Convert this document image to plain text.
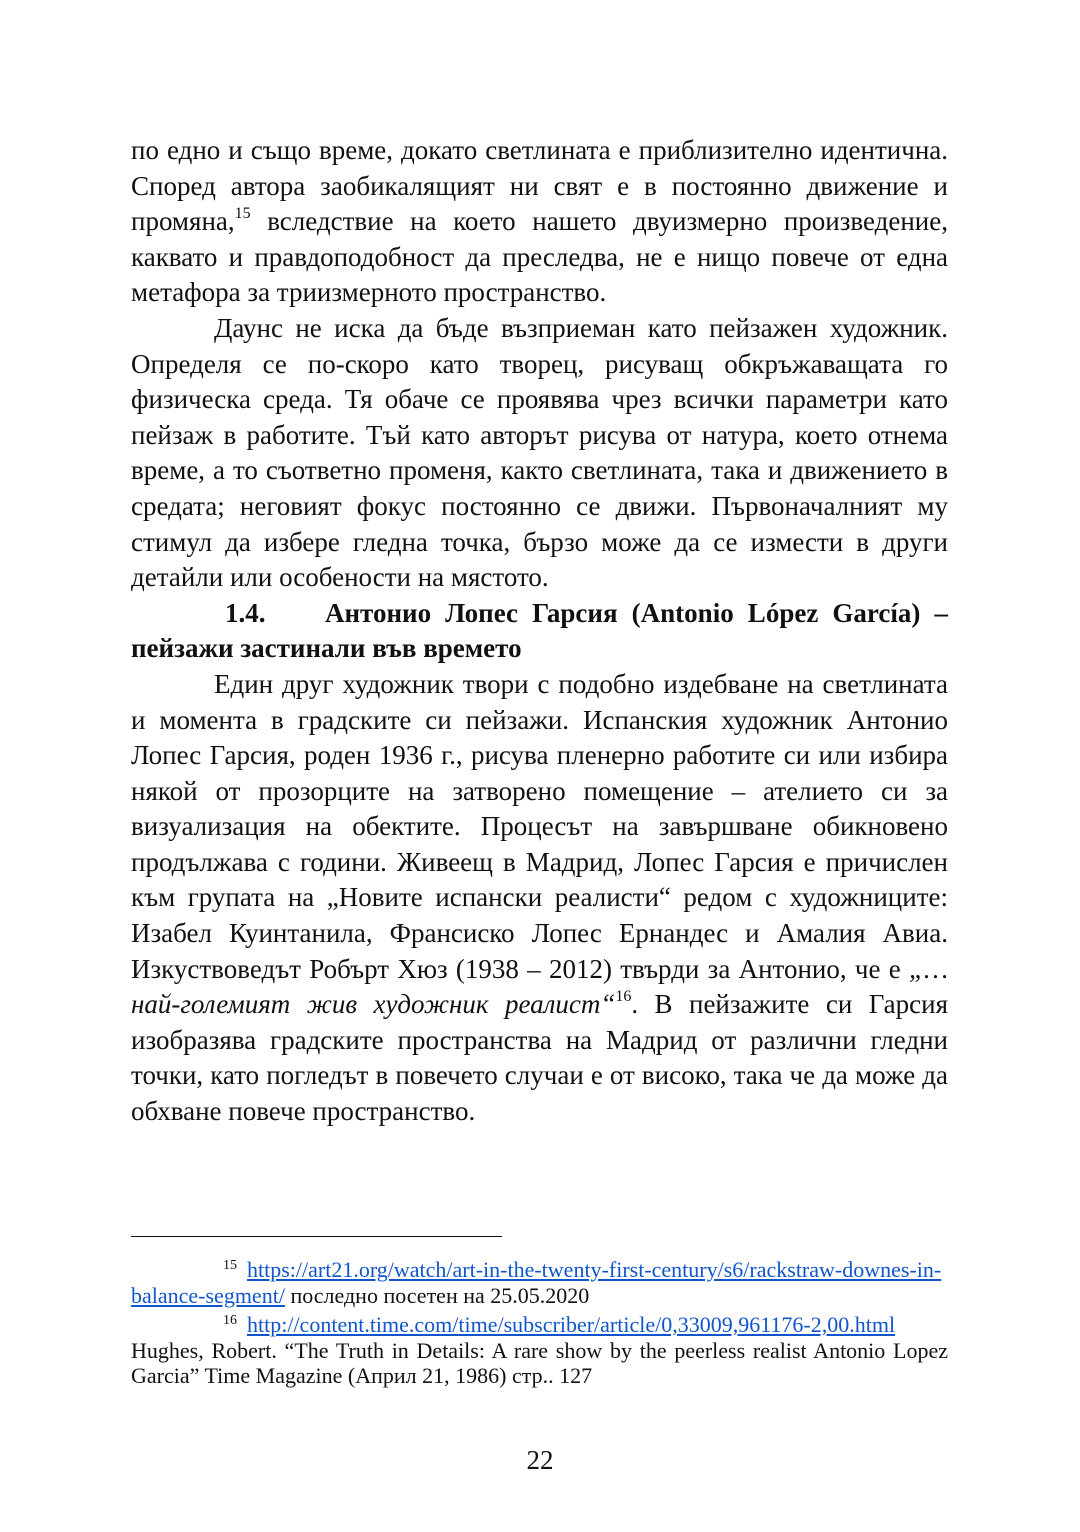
по едно и също време, докато светлината е приблизително идентична. Според автора заобикалящият ни свят е в постоянно движение и промяна,$^{15}$ вследствие на което нашето двуизмерно произведение, каквато и правдоподобност да преследва, не е нищо повече от една метафора за триизмерното пространство.

Даунс не иска да бъде възприеман като пейзажен художник. Определя се по-скоро като творец, рисуващ обкръжаващата го физическа среда. Тя обаче се проявява чрез всички параметри като пейзаж в работите. Тъй като авторът рисува от натура, което отнема време, а то съответно променя, както светлината, така и движението в средата; неговият фокус постоянно се движи. Първоначалният му стимул да избере гледна точка, бързо може да се измести в други детайли или особености на мястото.

1.4. Антонио Лопес Гарсия (Antonio López García) – пейзажи застинали във времето

Един друг художник твори с подобно издебване на светлината и момента в градските си пейзажи. Испанския художник Антонио Лопес Гарсия, роден 1936 г., рисува пленерно работите си или избира някой от прозорците на затворено помещение – ателието си за визуализация на обектите. Процесът на завършване обикновено продължава с години. Живеещ в Мадрид, Лопес Гарсия е причислен към групата на „Новите испански реалисти“ редом с художниците: Изабел Куинтанила, Франсиско Лопес Ернандес и Амалия Авиа. Изкуствоведът Робърт Хюз (1938 – 2012) твърди за Антонио, че е „…най-големият жив художник реалист“$^{16}$. В пейзажите си Гарсия изобразява градските пространства на Мадрид от различни гледни точки, като погледът в повечето случаи е от високо, така че да може да обхване повече пространство.

15 https://art21.org/watch/art-in-the-twenty-first-century/s6/rackstraw-downes-in-balance-segment/ последно посетен на 25.05.2020

16 http://content.time.com/time/subscriber/article/0,33009,961176-2,00.html Hughes, Robert. “The Truth in Details: A rare show by the peerless realist Antonio Lopez Garcia” Time Magazine (Април 21, 1986) стр.. 127

22
